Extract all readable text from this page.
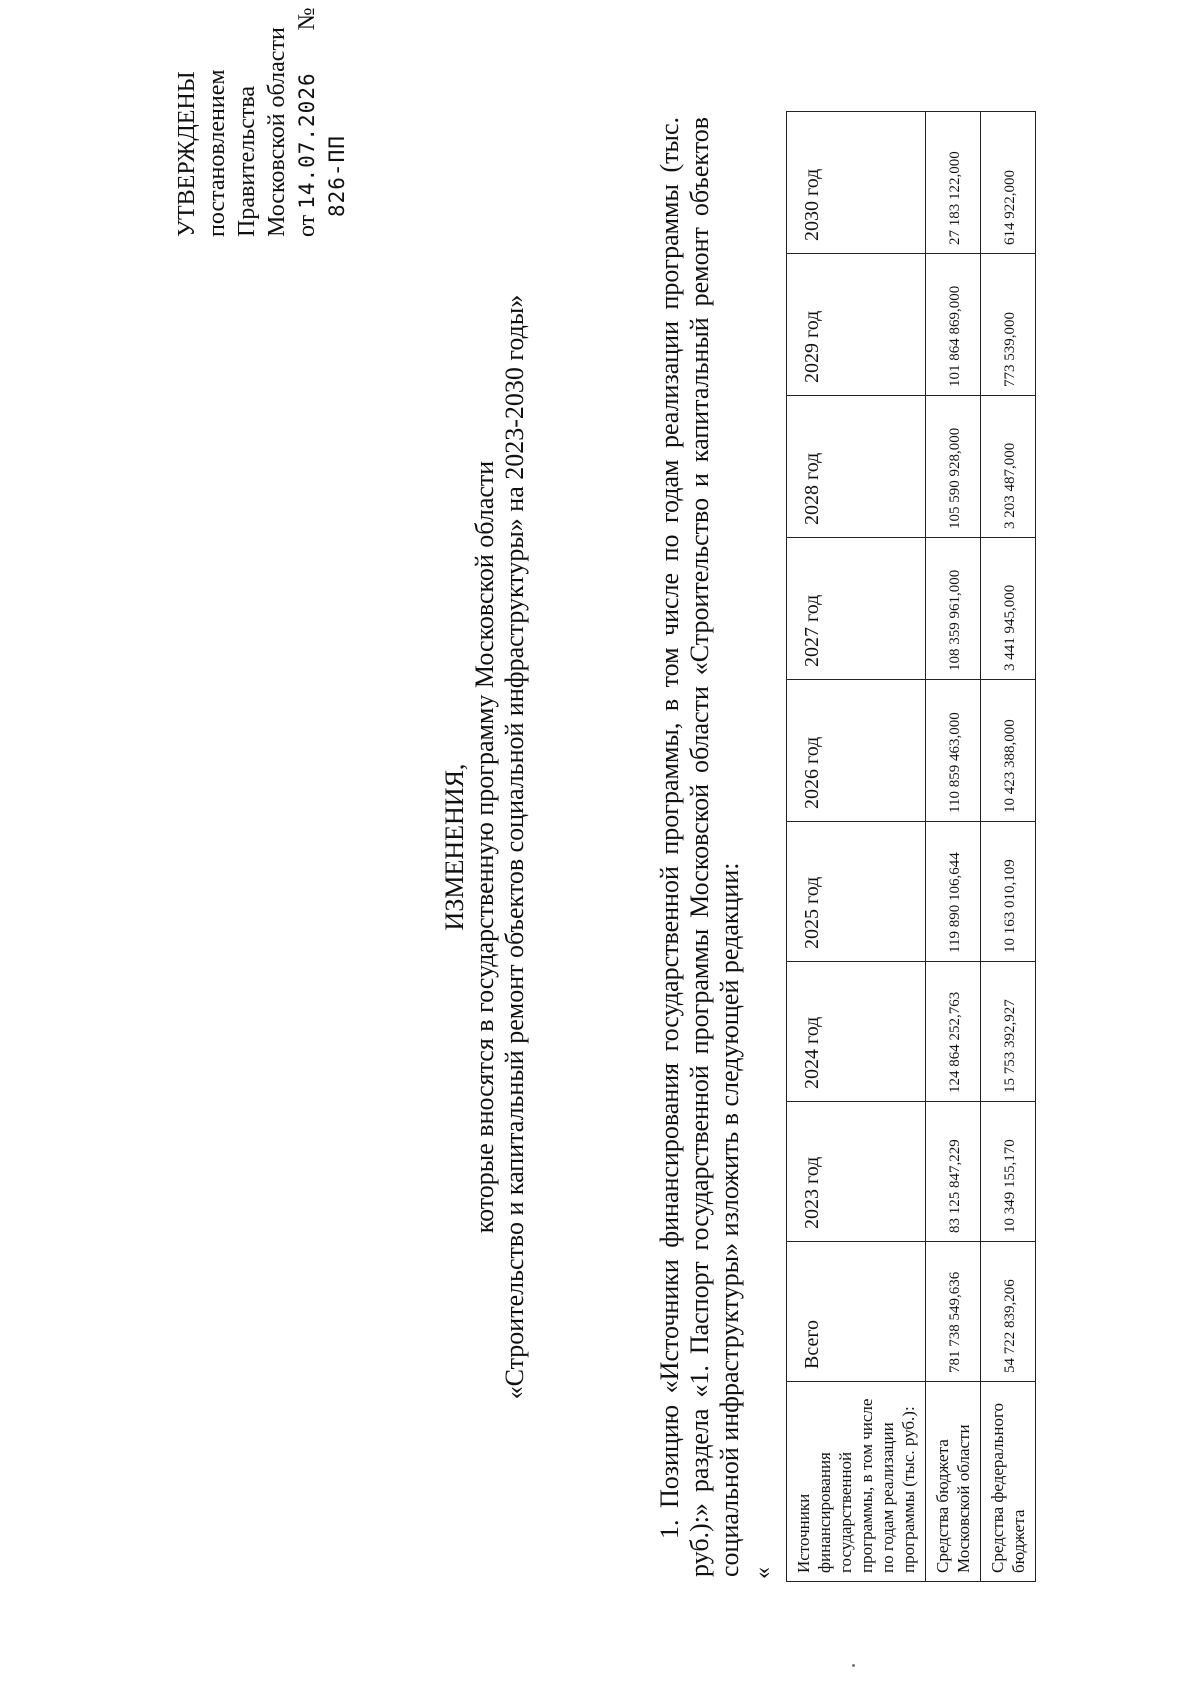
УТВЕРЖДЕНЫ постановлением Правительства Московской области от 14.07.2026  №  826-ПП
ИЗМЕНЕНИЯ, которые вносятся в государственную программу Московской области «Строительство и капитальный ремонт объектов социальной инфраструктуры» на 2023-2030 годы»	1. Позицию «Источники финансирования государственной программы, в том числе по годам реализации программы (тыс. руб.):» раздела «1. Паспорт государственной программы Московской области «Строительство и капитальный ремонт объектов социальной инфраструктуры» изложить в следующей редакции: « Источники финансирования государственной программы, в том числе по годам реализации программы (тыс. руб.):	Всего	2023 год	2024 год	2025 год	2026 год	2027 год	2028 год	2029 год	2030 год
Средства бюджета Московской области	781 738 549,636	83 125 847,229	124 864 252,763	119 890 106,644	110 859 463,000	108 359 961,000	105 590 928,000	101 864 869,000	27 183 122,000
Средства федерального бюджета	54 722 839,206	10 349 155,170	15 753 392,927	10 163 010,109	10 423 388,000	3 441 945,000	3 203 487,000	773 539,000	614 922,000
